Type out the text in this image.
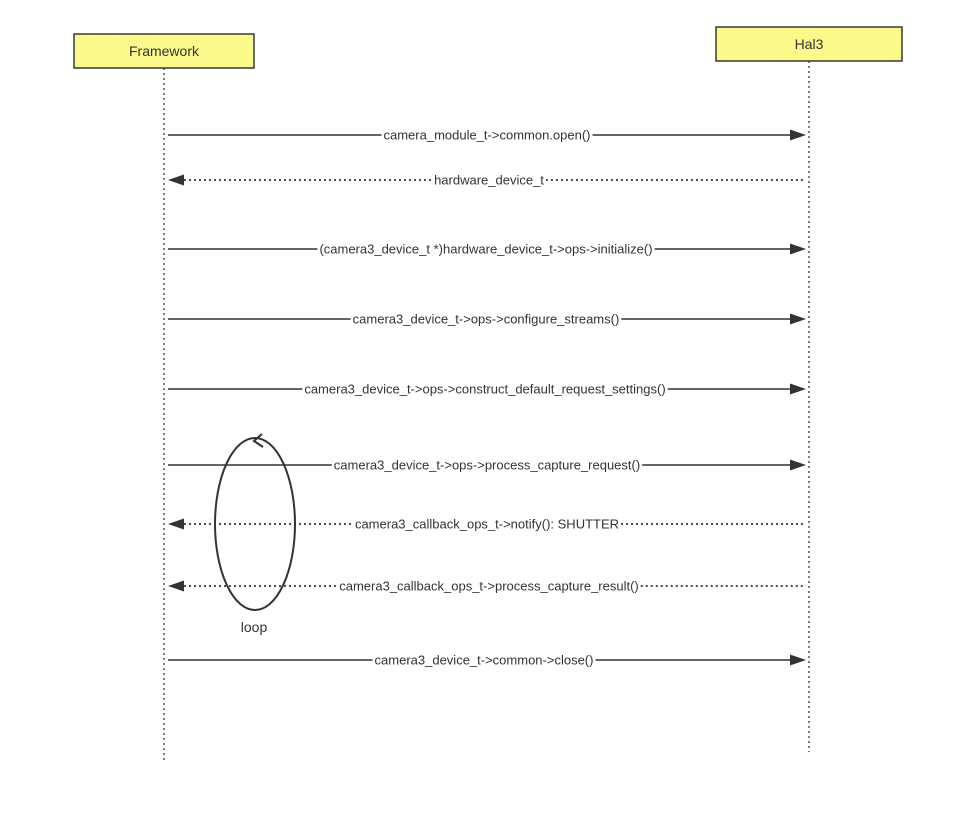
Framework	Hal3
camera_module_t->common.open()
hardware_device_t
(camera3_device_t *)hardware_device_t->ops->initialize()
camera3_device_t->ops->configure_streams()
camera3_device_t->ops->construct_default_request_settings()
camera3_device_t->ops->process_capture_request()
camera3_callback_ops_t->notify(): SHUTTER
camera3_callback_ops_t->process_capture_result()
camera3_device_t->common->close()
loop
